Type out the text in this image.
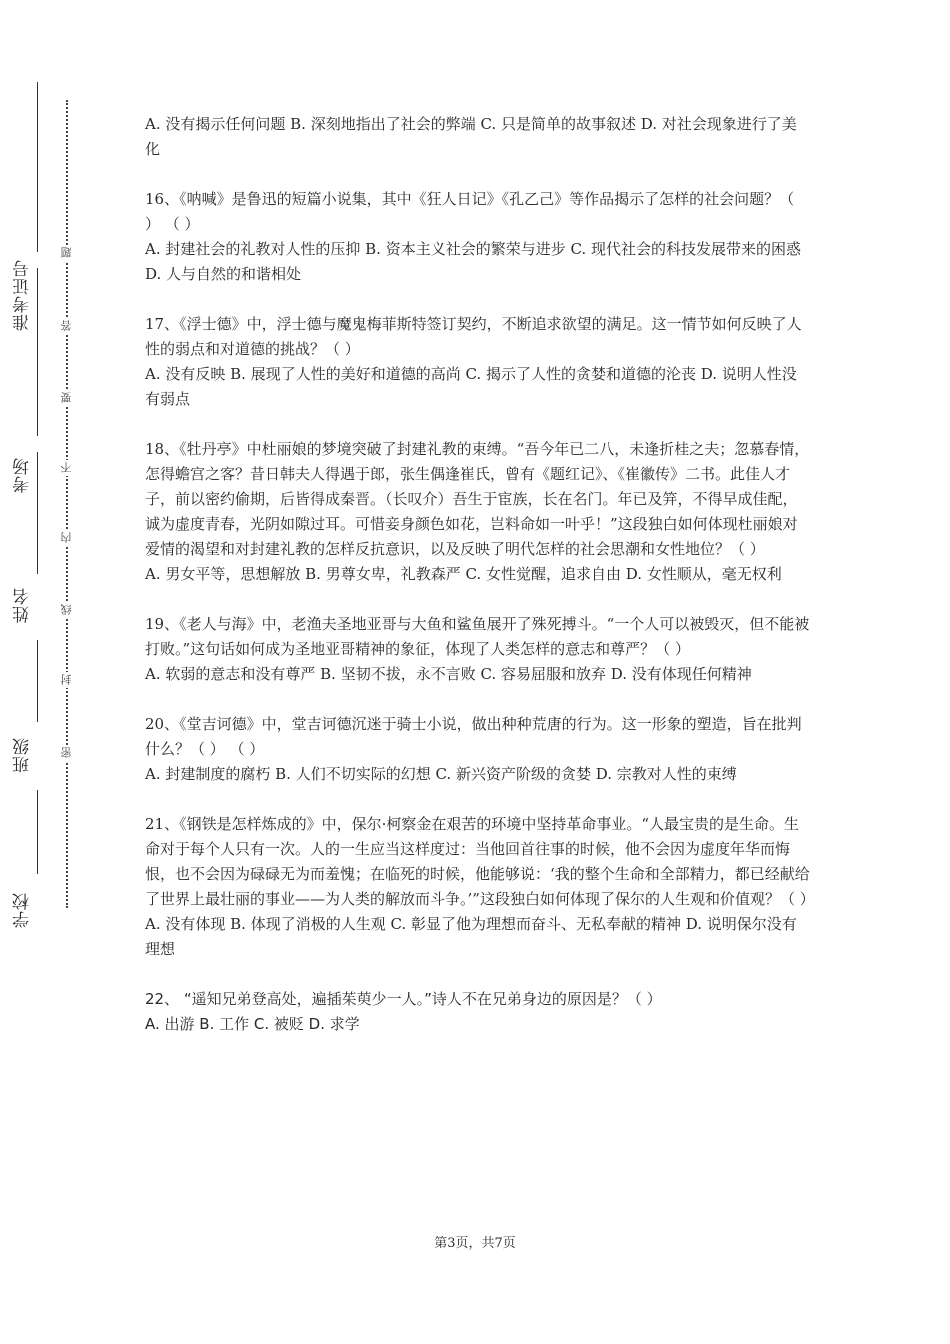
准考证号
考场
姓名
班级
学校
题
答
要
不
内
线
封
密
A. 没有揭示任何问题 B. 深刻地指出了社会的弊端 C. 只是简单的故事叙述 D. 对社会现象进行了美化
16、《呐喊》是鲁迅的短篇小说集，其中《狂人日记》《孔乙己》等作品揭示了怎样的社会问题？（ ） （ ）
A. 封建社会的礼教对人性的压抑 B. 资本主义社会的繁荣与进步 C. 现代社会的科技发展带来的困惑 D. 人与自然的和谐相处
17、《浮士德》中，浮士德与魔鬼梅菲斯特签订契约，不断追求欲望的满足。这一情节如何反映了人性的弱点和对道德的挑战？（ ）
A. 没有反映 B. 展现了人性的美好和道德的高尚 C. 揭示了人性的贪婪和道德的沦丧 D. 说明人性没有弱点
18、《牡丹亭》中杜丽娘的梦境突破了封建礼教的束缚。“吾今年已二八，未逢折桂之夫；忽慕春情，怎得蟾宫之客？昔日韩夫人得遇于郎，张生偶逢崔氏，曾有《题红记》、《崔徽传》二书。此佳人才子，前以密约偷期，后皆得成秦晋。（长叹介）吾生于宦族，长在名门。年已及笄，不得早成佳配，诚为虚度青春，光阴如隙过耳。可惜妾身颜色如花，岂料命如一叶乎！”这段独白如何体现杜丽娘对爱情的渴望和对封建礼教的怎样反抗意识，以及反映了明代怎样的社会思潮和女性地位？（ ）
A. 男女平等，思想解放 B. 男尊女卑，礼教森严 C. 女性觉醒，追求自由 D. 女性顺从，毫无权利
19、《老人与海》中，老渔夫圣地亚哥与大鱼和鲨鱼展开了殊死搏斗。“一个人可以被毁灭，但不能被打败。”这句话如何成为圣地亚哥精神的象征，体现了人类怎样的意志和尊严？（ ）
A. 软弱的意志和没有尊严 B. 坚韧不拔，永不言败 C. 容易屈服和放弃 D. 没有体现任何精神
20、《堂吉诃德》中，堂吉诃德沉迷于骑士小说，做出种种荒唐的行为。这一形象的塑造，旨在批判什么？（ ） （ ）
A. 封建制度的腐朽 B. 人们不切实际的幻想 C. 新兴资产阶级的贪婪 D. 宗教对人性的束缚
21、《钢铁是怎样炼成的》中，保尔·柯察金在艰苦的环境中坚持革命事业。“人最宝贵的是生命。生命对于每个人只有一次。人的一生应当这样度过：当他回首往事的时候，他不会因为虚度年华而悔恨，也不会因为碌碌无为而羞愧；在临死的时候，他能够说：‘我的整个生命和全部精力，都已经献给了世界上最壮丽的事业——为人类的解放而斗争。’”这段独白如何体现了保尔的人生观和价值观？（ ）
A. 没有体现 B. 体现了消极的人生观 C. 彰显了他为理想而奋斗、无私奉献的精神 D. 说明保尔没有理想
22、 “遥知兄弟登高处，遍插茱萸少一人。”诗人不在兄弟身边的原因是？（ ）
A. 出游 B. 工作 C. 被贬 D. 求学
第3页，共7页
